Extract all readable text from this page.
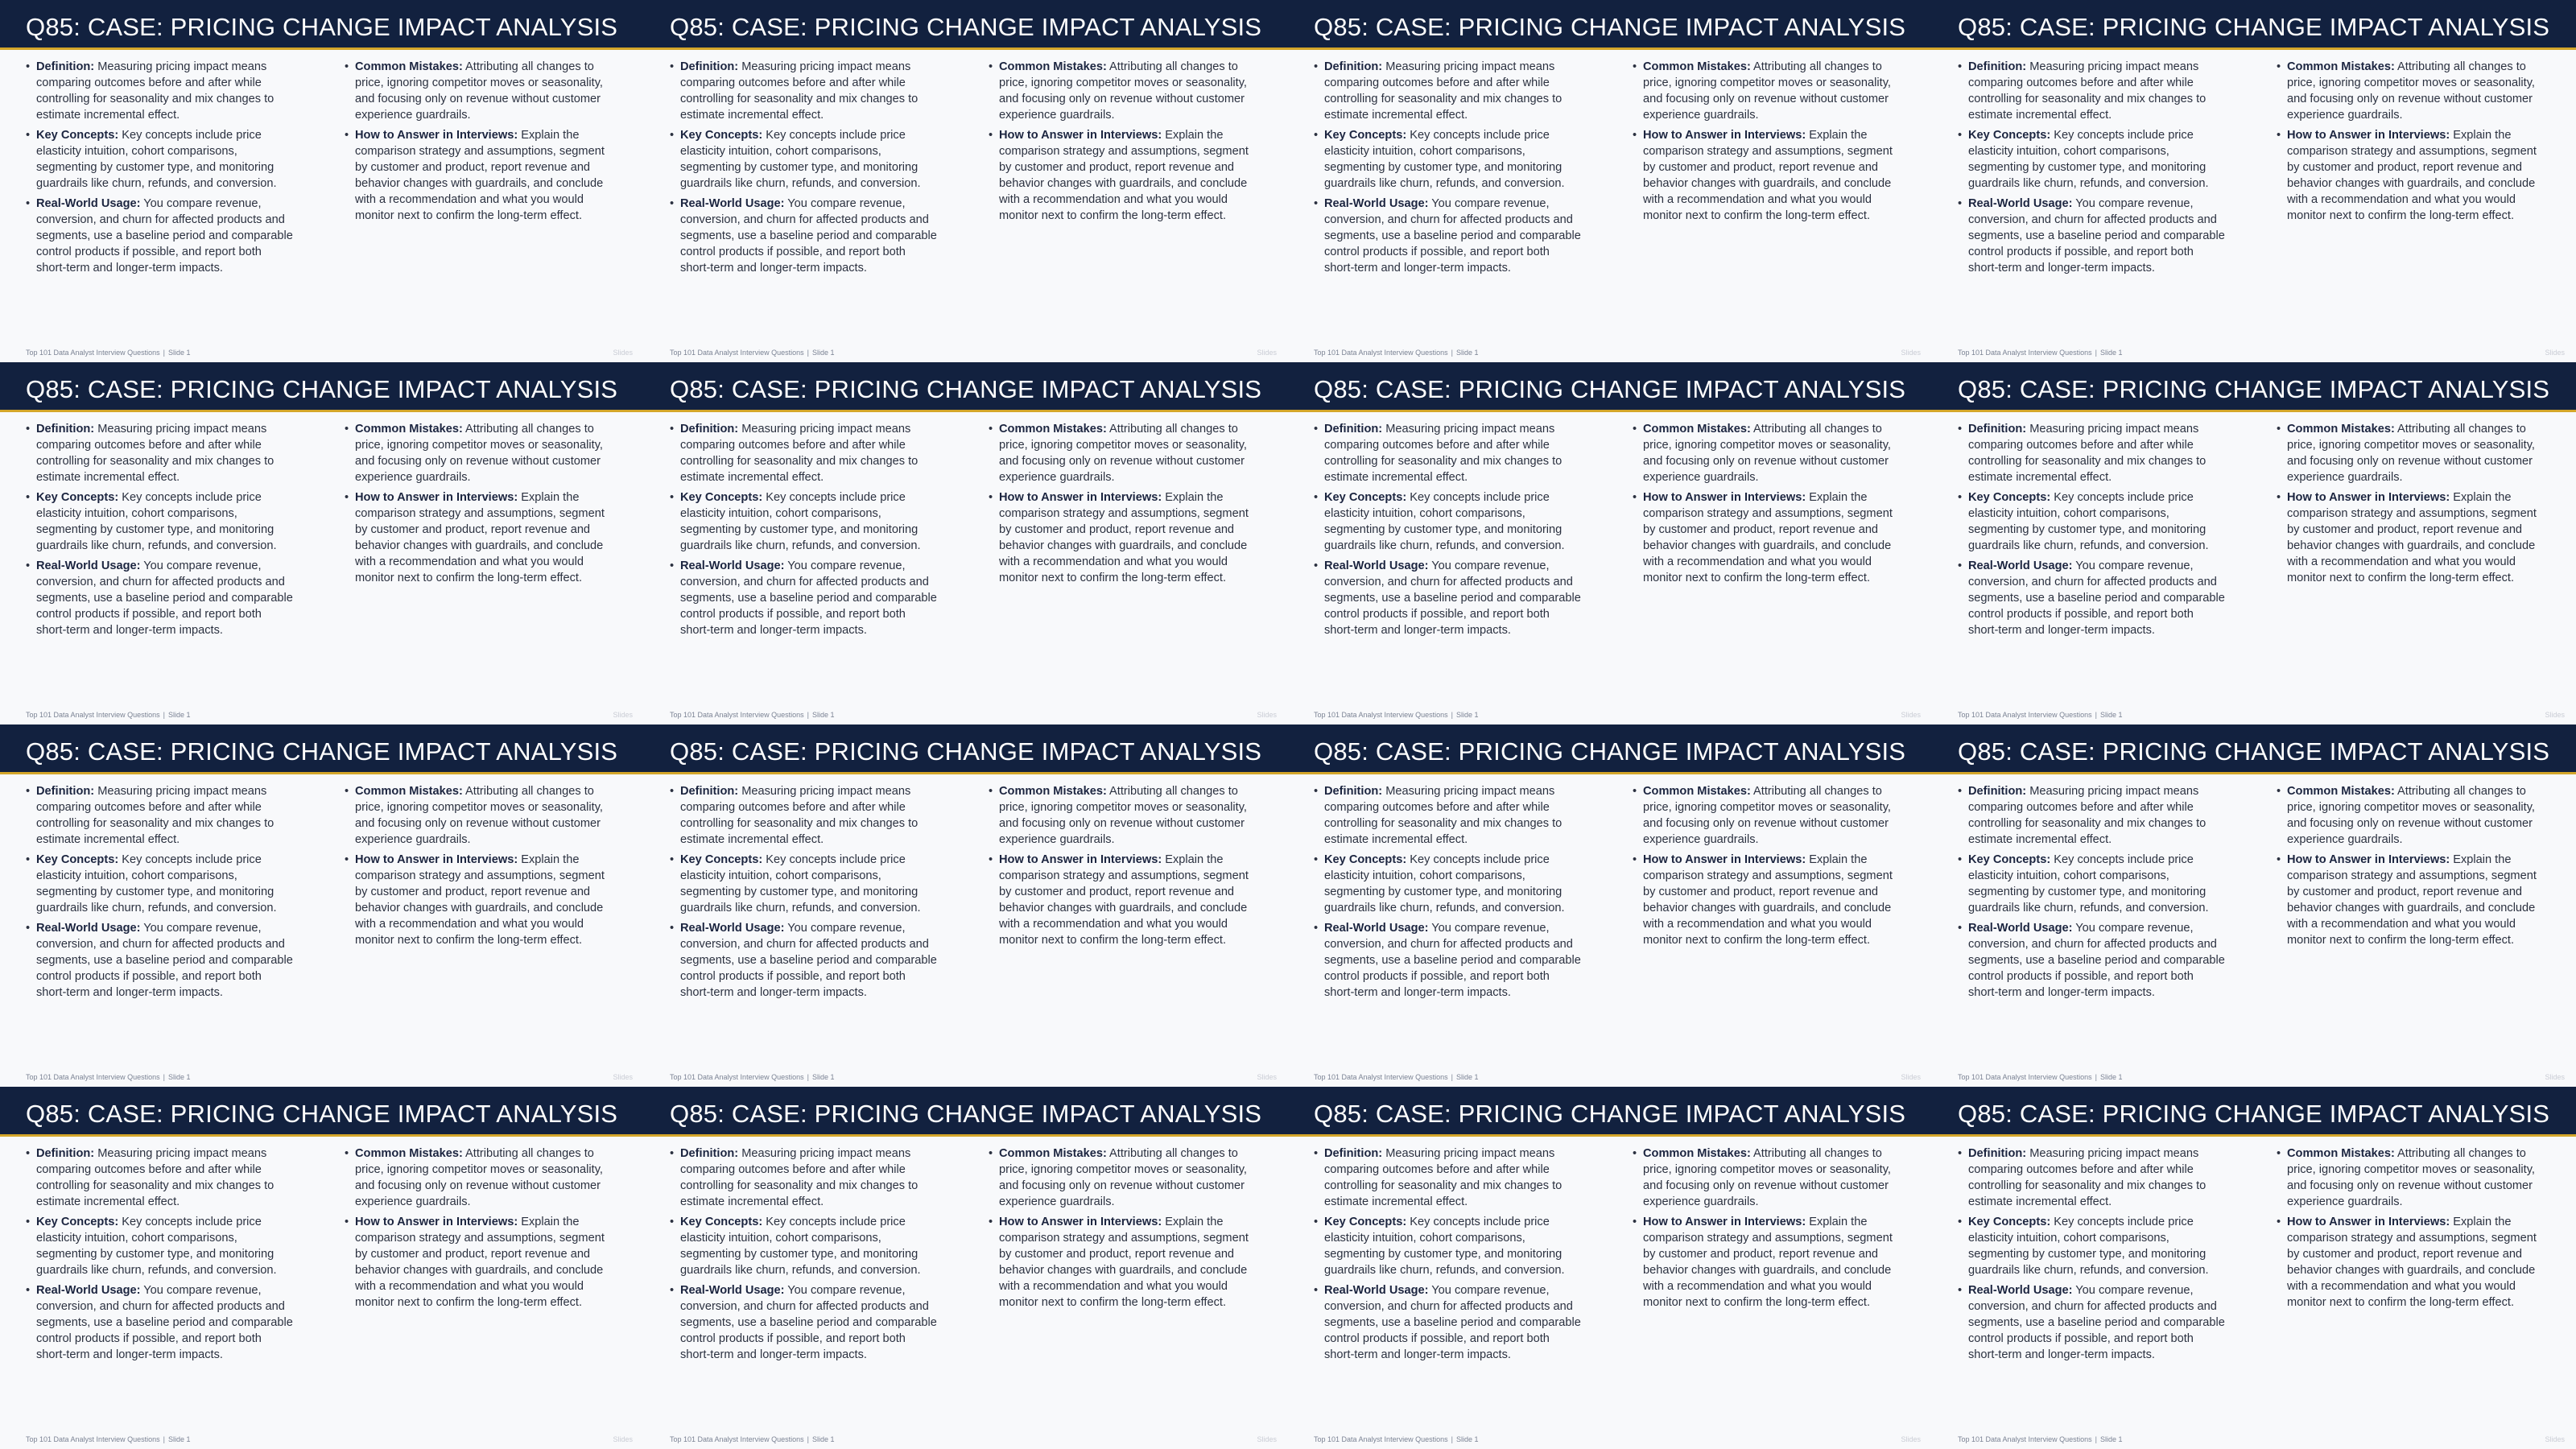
Q85: CASE: PRICING CHANGE IMPACT ANALYSIS
• Definition: Measuring pricing impact means comparing outcomes before and after while controlling for seasonality and mix changes to estimate incremental effect.
• Key Concepts: Key concepts include price elasticity intuition, cohort comparisons, segmenting by customer type, and monitoring guardrails like churn, refunds, and conversion.
• Real-World Usage: You compare revenue, conversion, and churn for affected products and segments, use a baseline period and comparable control products if possible, and report both short-term and longer-term impacts.
• Common Mistakes: Attributing all changes to price, ignoring competitor moves or seasonality, and focusing only on revenue without customer experience guardrails.
• How to Answer in Interviews: Explain the comparison strategy and assumptions, segment by customer and product, report revenue and behavior changes with guardrails, and conclude with a recommendation and what you would monitor next to confirm the long-term effect.
Top 101 Data Analyst Interview Questions | Slide 1	Slides
Q85: CASE: PRICING CHANGE IMPACT ANALYSIS
• Definition: Measuring pricing impact means comparing outcomes before and after while controlling for seasonality and mix changes to estimate incremental effect.
• Key Concepts: Key concepts include price elasticity intuition, cohort comparisons, segmenting by customer type, and monitoring guardrails like churn, refunds, and conversion.
• Real-World Usage: You compare revenue, conversion, and churn for affected products and segments, use a baseline period and comparable control products if possible, and report both short-term and longer-term impacts.
• Common Mistakes: Attributing all changes to price, ignoring competitor moves or seasonality, and focusing only on revenue without customer experience guardrails.
• How to Answer in Interviews: Explain the comparison strategy and assumptions, segment by customer and product, report revenue and behavior changes with guardrails, and conclude with a recommendation and what you would monitor next to confirm the long-term effect.
Top 101 Data Analyst Interview Questions | Slide 1	Slides
Q85: CASE: PRICING CHANGE IMPACT ANALYSIS
• Definition: Measuring pricing impact means comparing outcomes before and after while controlling for seasonality and mix changes to estimate incremental effect.
• Key Concepts: Key concepts include price elasticity intuition, cohort comparisons, segmenting by customer type, and monitoring guardrails like churn, refunds, and conversion.
• Real-World Usage: You compare revenue, conversion, and churn for affected products and segments, use a baseline period and comparable control products if possible, and report both short-term and longer-term impacts.
• Common Mistakes: Attributing all changes to price, ignoring competitor moves or seasonality, and focusing only on revenue without customer experience guardrails.
• How to Answer in Interviews: Explain the comparison strategy and assumptions, segment by customer and product, report revenue and behavior changes with guardrails, and conclude with a recommendation and what you would monitor next to confirm the long-term effect.
Top 101 Data Analyst Interview Questions | Slide 1	Slides
Q85: CASE: PRICING CHANGE IMPACT ANALYSIS
• Definition: Measuring pricing impact means comparing outcomes before and after while controlling for seasonality and mix changes to estimate incremental effect.
• Key Concepts: Key concepts include price elasticity intuition, cohort comparisons, segmenting by customer type, and monitoring guardrails like churn, refunds, and conversion.
• Real-World Usage: You compare revenue, conversion, and churn for affected products and segments, use a baseline period and comparable control products if possible, and report both short-term and longer-term impacts.
• Common Mistakes: Attributing all changes to price, ignoring competitor moves or seasonality, and focusing only on revenue without customer experience guardrails.
• How to Answer in Interviews: Explain the comparison strategy and assumptions, segment by customer and product, report revenue and behavior changes with guardrails, and conclude with a recommendation and what you would monitor next to confirm the long-term effect.
Top 101 Data Analyst Interview Questions | Slide 1	Slides
Q85: CASE: PRICING CHANGE IMPACT ANALYSIS
• Definition: Measuring pricing impact means comparing outcomes before and after while controlling for seasonality and mix changes to estimate incremental effect.
• Key Concepts: Key concepts include price elasticity intuition, cohort comparisons, segmenting by customer type, and monitoring guardrails like churn, refunds, and conversion.
• Real-World Usage: You compare revenue, conversion, and churn for affected products and segments, use a baseline period and comparable control products if possible, and report both short-term and longer-term impacts.
• Common Mistakes: Attributing all changes to price, ignoring competitor moves or seasonality, and focusing only on revenue without customer experience guardrails.
• How to Answer in Interviews: Explain the comparison strategy and assumptions, segment by customer and product, report revenue and behavior changes with guardrails, and conclude with a recommendation and what you would monitor next to confirm the long-term effect.
Top 101 Data Analyst Interview Questions | Slide 1	Slides
Q85: CASE: PRICING CHANGE IMPACT ANALYSIS
• Definition: Measuring pricing impact means comparing outcomes before and after while controlling for seasonality and mix changes to estimate incremental effect.
• Key Concepts: Key concepts include price elasticity intuition, cohort comparisons, segmenting by customer type, and monitoring guardrails like churn, refunds, and conversion.
• Real-World Usage: You compare revenue, conversion, and churn for affected products and segments, use a baseline period and comparable control products if possible, and report both short-term and longer-term impacts.
• Common Mistakes: Attributing all changes to price, ignoring competitor moves or seasonality, and focusing only on revenue without customer experience guardrails.
• How to Answer in Interviews: Explain the comparison strategy and assumptions, segment by customer and product, report revenue and behavior changes with guardrails, and conclude with a recommendation and what you would monitor next to confirm the long-term effect.
Top 101 Data Analyst Interview Questions | Slide 1	Slides
Q85: CASE: PRICING CHANGE IMPACT ANALYSIS
• Definition: Measuring pricing impact means comparing outcomes before and after while controlling for seasonality and mix changes to estimate incremental effect.
• Key Concepts: Key concepts include price elasticity intuition, cohort comparisons, segmenting by customer type, and monitoring guardrails like churn, refunds, and conversion.
• Real-World Usage: You compare revenue, conversion, and churn for affected products and segments, use a baseline period and comparable control products if possible, and report both short-term and longer-term impacts.
• Common Mistakes: Attributing all changes to price, ignoring competitor moves or seasonality, and focusing only on revenue without customer experience guardrails.
• How to Answer in Interviews: Explain the comparison strategy and assumptions, segment by customer and product, report revenue and behavior changes with guardrails, and conclude with a recommendation and what you would monitor next to confirm the long-term effect.
Top 101 Data Analyst Interview Questions | Slide 1	Slides
Q85: CASE: PRICING CHANGE IMPACT ANALYSIS
• Definition: Measuring pricing impact means comparing outcomes before and after while controlling for seasonality and mix changes to estimate incremental effect.
• Key Concepts: Key concepts include price elasticity intuition, cohort comparisons, segmenting by customer type, and monitoring guardrails like churn, refunds, and conversion.
• Real-World Usage: You compare revenue, conversion, and churn for affected products and segments, use a baseline period and comparable control products if possible, and report both short-term and longer-term impacts.
• Common Mistakes: Attributing all changes to price, ignoring competitor moves or seasonality, and focusing only on revenue without customer experience guardrails.
• How to Answer in Interviews: Explain the comparison strategy and assumptions, segment by customer and product, report revenue and behavior changes with guardrails, and conclude with a recommendation and what you would monitor next to confirm the long-term effect.
Top 101 Data Analyst Interview Questions | Slide 1	Slides
Q85: CASE: PRICING CHANGE IMPACT ANALYSIS
• Definition: Measuring pricing impact means comparing outcomes before and after while controlling for seasonality and mix changes to estimate incremental effect.
• Key Concepts: Key concepts include price elasticity intuition, cohort comparisons, segmenting by customer type, and monitoring guardrails like churn, refunds, and conversion.
• Real-World Usage: You compare revenue, conversion, and churn for affected products and segments, use a baseline period and comparable control products if possible, and report both short-term and longer-term impacts.
• Common Mistakes: Attributing all changes to price, ignoring competitor moves or seasonality, and focusing only on revenue without customer experience guardrails.
• How to Answer in Interviews: Explain the comparison strategy and assumptions, segment by customer and product, report revenue and behavior changes with guardrails, and conclude with a recommendation and what you would monitor next to confirm the long-term effect.
Top 101 Data Analyst Interview Questions | Slide 1	Slides
Q85: CASE: PRICING CHANGE IMPACT ANALYSIS
• Definition: Measuring pricing impact means comparing outcomes before and after while controlling for seasonality and mix changes to estimate incremental effect.
• Key Concepts: Key concepts include price elasticity intuition, cohort comparisons, segmenting by customer type, and monitoring guardrails like churn, refunds, and conversion.
• Real-World Usage: You compare revenue, conversion, and churn for affected products and segments, use a baseline period and comparable control products if possible, and report both short-term and longer-term impacts.
• Common Mistakes: Attributing all changes to price, ignoring competitor moves or seasonality, and focusing only on revenue without customer experience guardrails.
• How to Answer in Interviews: Explain the comparison strategy and assumptions, segment by customer and product, report revenue and behavior changes with guardrails, and conclude with a recommendation and what you would monitor next to confirm the long-term effect.
Top 101 Data Analyst Interview Questions | Slide 1	Slides
Q85: CASE: PRICING CHANGE IMPACT ANALYSIS
• Definition: Measuring pricing impact means comparing outcomes before and after while controlling for seasonality and mix changes to estimate incremental effect.
• Key Concepts: Key concepts include price elasticity intuition, cohort comparisons, segmenting by customer type, and monitoring guardrails like churn, refunds, and conversion.
• Real-World Usage: You compare revenue, conversion, and churn for affected products and segments, use a baseline period and comparable control products if possible, and report both short-term and longer-term impacts.
• Common Mistakes: Attributing all changes to price, ignoring competitor moves or seasonality, and focusing only on revenue without customer experience guardrails.
• How to Answer in Interviews: Explain the comparison strategy and assumptions, segment by customer and product, report revenue and behavior changes with guardrails, and conclude with a recommendation and what you would monitor next to confirm the long-term effect.
Top 101 Data Analyst Interview Questions | Slide 1	Slides
Q85: CASE: PRICING CHANGE IMPACT ANALYSIS
• Definition: Measuring pricing impact means comparing outcomes before and after while controlling for seasonality and mix changes to estimate incremental effect.
• Key Concepts: Key concepts include price elasticity intuition, cohort comparisons, segmenting by customer type, and monitoring guardrails like churn, refunds, and conversion.
• Real-World Usage: You compare revenue, conversion, and churn for affected products and segments, use a baseline period and comparable control products if possible, and report both short-term and longer-term impacts.
• Common Mistakes: Attributing all changes to price, ignoring competitor moves or seasonality, and focusing only on revenue without customer experience guardrails.
• How to Answer in Interviews: Explain the comparison strategy and assumptions, segment by customer and product, report revenue and behavior changes with guardrails, and conclude with a recommendation and what you would monitor next to confirm the long-term effect.
Top 101 Data Analyst Interview Questions | Slide 1	Slides
Q85: CASE: PRICING CHANGE IMPACT ANALYSIS
• Definition: Measuring pricing impact means comparing outcomes before and after while controlling for seasonality and mix changes to estimate incremental effect.
• Key Concepts: Key concepts include price elasticity intuition, cohort comparisons, segmenting by customer type, and monitoring guardrails like churn, refunds, and conversion.
• Real-World Usage: You compare revenue, conversion, and churn for affected products and segments, use a baseline period and comparable control products if possible, and report both short-term and longer-term impacts.
• Common Mistakes: Attributing all changes to price, ignoring competitor moves or seasonality, and focusing only on revenue without customer experience guardrails.
• How to Answer in Interviews: Explain the comparison strategy and assumptions, segment by customer and product, report revenue and behavior changes with guardrails, and conclude with a recommendation and what you would monitor next to confirm the long-term effect.
Top 101 Data Analyst Interview Questions | Slide 1	Slides
Q85: CASE: PRICING CHANGE IMPACT ANALYSIS
• Definition: Measuring pricing impact means comparing outcomes before and after while controlling for seasonality and mix changes to estimate incremental effect.
• Key Concepts: Key concepts include price elasticity intuition, cohort comparisons, segmenting by customer type, and monitoring guardrails like churn, refunds, and conversion.
• Real-World Usage: You compare revenue, conversion, and churn for affected products and segments, use a baseline period and comparable control products if possible, and report both short-term and longer-term impacts.
• Common Mistakes: Attributing all changes to price, ignoring competitor moves or seasonality, and focusing only on revenue without customer experience guardrails.
• How to Answer in Interviews: Explain the comparison strategy and assumptions, segment by customer and product, report revenue and behavior changes with guardrails, and conclude with a recommendation and what you would monitor next to confirm the long-term effect.
Top 101 Data Analyst Interview Questions | Slide 1	Slides
Q85: CASE: PRICING CHANGE IMPACT ANALYSIS
• Definition: Measuring pricing impact means comparing outcomes before and after while controlling for seasonality and mix changes to estimate incremental effect.
• Key Concepts: Key concepts include price elasticity intuition, cohort comparisons, segmenting by customer type, and monitoring guardrails like churn, refunds, and conversion.
• Real-World Usage: You compare revenue, conversion, and churn for affected products and segments, use a baseline period and comparable control products if possible, and report both short-term and longer-term impacts.
• Common Mistakes: Attributing all changes to price, ignoring competitor moves or seasonality, and focusing only on revenue without customer experience guardrails.
• How to Answer in Interviews: Explain the comparison strategy and assumptions, segment by customer and product, report revenue and behavior changes with guardrails, and conclude with a recommendation and what you would monitor next to confirm the long-term effect.
Top 101 Data Analyst Interview Questions | Slide 1	Slides
Q85: CASE: PRICING CHANGE IMPACT ANALYSIS
• Definition: Measuring pricing impact means comparing outcomes before and after while controlling for seasonality and mix changes to estimate incremental effect.
• Key Concepts: Key concepts include price elasticity intuition, cohort comparisons, segmenting by customer type, and monitoring guardrails like churn, refunds, and conversion.
• Real-World Usage: You compare revenue, conversion, and churn for affected products and segments, use a baseline period and comparable control products if possible, and report both short-term and longer-term impacts.
• Common Mistakes: Attributing all changes to price, ignoring competitor moves or seasonality, and focusing only on revenue without customer experience guardrails.
• How to Answer in Interviews: Explain the comparison strategy and assumptions, segment by customer and product, report revenue and behavior changes with guardrails, and conclude with a recommendation and what you would monitor next to confirm the long-term effect.
Top 101 Data Analyst Interview Questions | Slide 1	Slides
